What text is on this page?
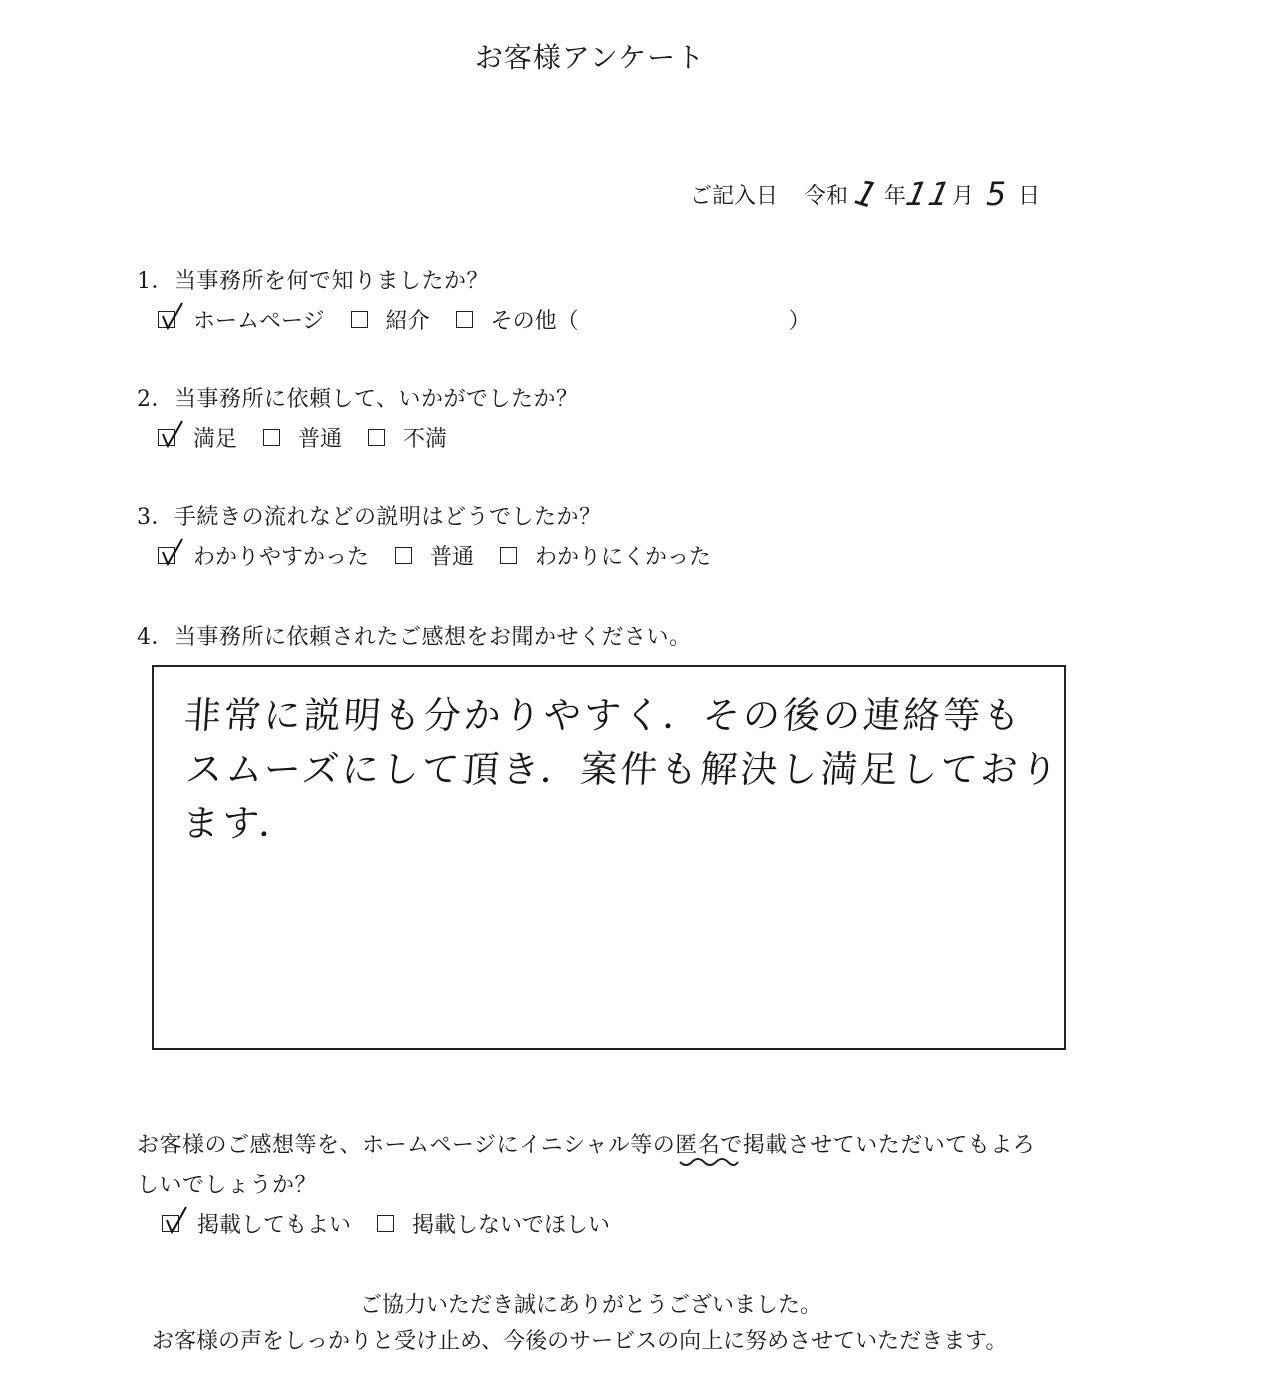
お客様アンケート
ご記入日 令和 1 年
11
月 5 日
1．当事務所を何で知りましたか？
ホームページ	紹介	その他（	）
2．当事務所に依頼して、いかがでしたか？
満足	普通	不満
3．手続きの流れなどの説明はどうでしたか？
わかりやすかった	普通	わかりにくかった
4．当事務所に依頼されたご感想をお聞かせください。
非常に説明も分かりやすく．その後の連絡等も
スムーズにして頂き．案件も解決し満足しております．
お客様のご感想等を、ホームページにイニシャル等の匿名で掲載させていただいてもよろ
しいでしょうか？
掲載してもよい	掲載しないでほしい
ご協力いただき誠にありがとうございました。
お客様の声をしっかりと受け止め、今後のサービスの向上に努めさせていただきます。
